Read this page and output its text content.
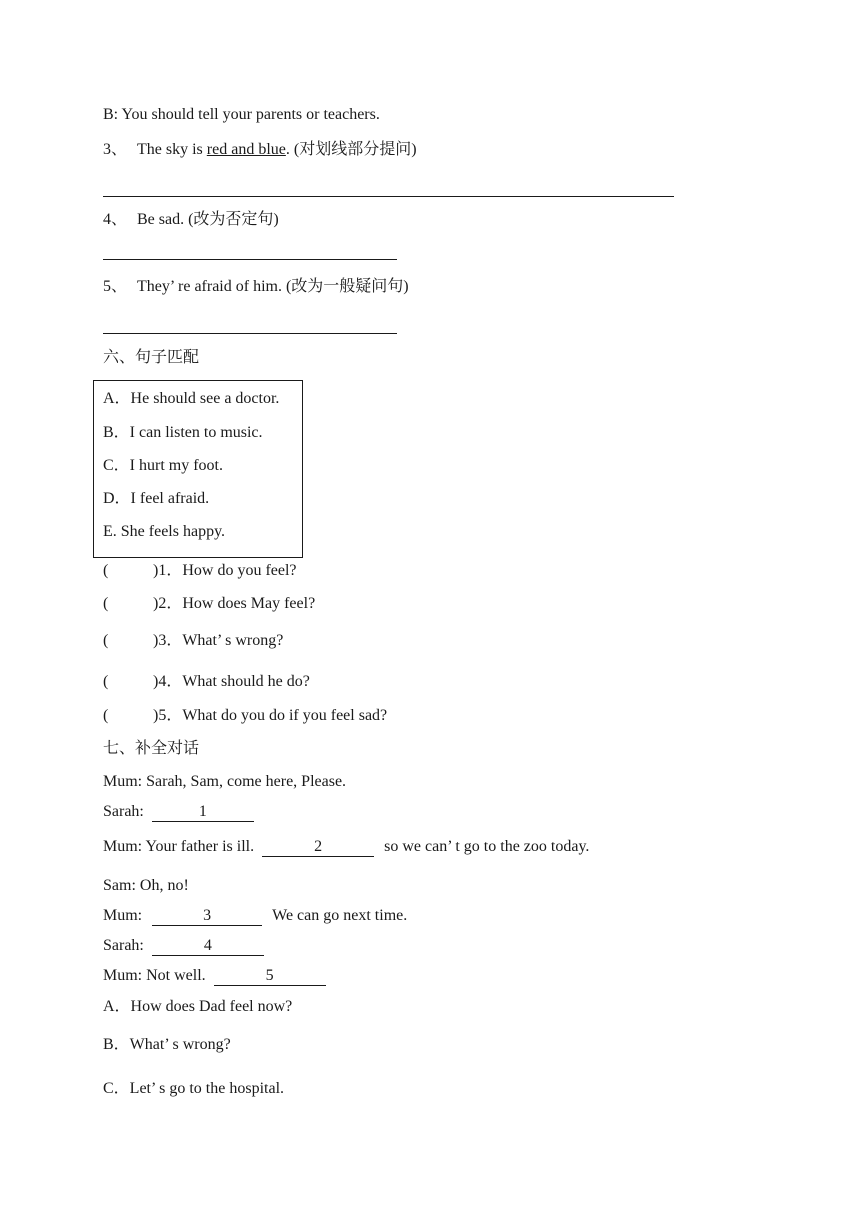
B: You should tell your parents or teachers.
3、 The sky is red and blue. (对划线部分提问)
4、 Be sad. (改为否定句)
5、 They’ re afraid of him. (改为一般疑问句)
六、句子匹配
A．He should see a doctor.
B．I can listen to music.
C．I hurt my foot.
D．I feel afraid.
E. She feels happy.
(	)1．How do you feel?
(	)2．How does May feel?
(	)3．What’ s wrong?
(	)4．What should he do?
(	)5．What do you do if you feel sad?
七、补全对话
Mum: Sarah, Sam, come here, Please.
Sarah:	1
Mum: Your father is ill.	2	so we can’ t go to the zoo today.
Sam: Oh, no!
Mum:	3	We can go next time.
Sarah:	4
Mum: Not well.	5
A．How does Dad feel now?
B．What’ s wrong?
C．Let’ s go to the hospital.
